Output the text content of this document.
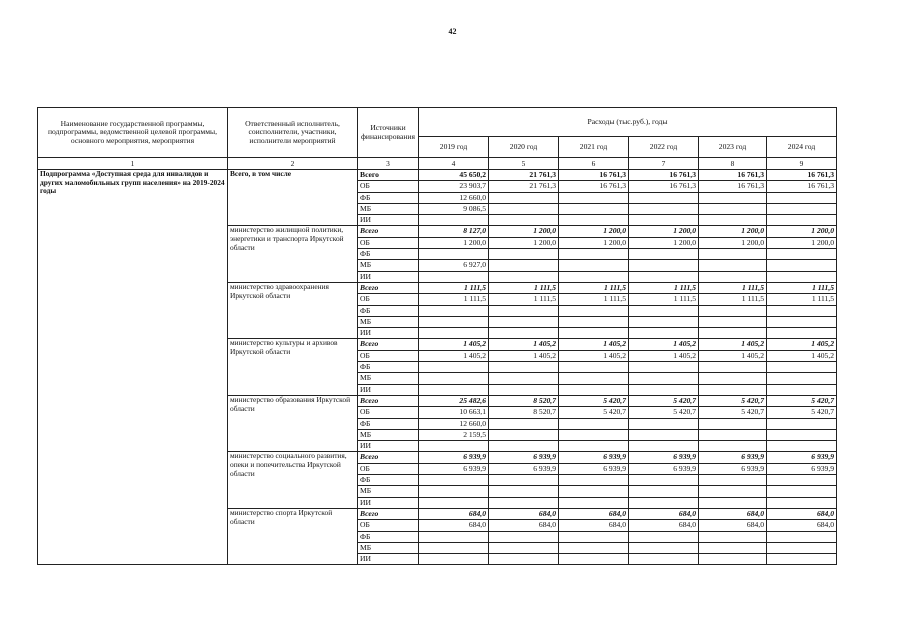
42
Наименование государственной программы, подпрограммы, ведомственной целевой программы, основного мероприятия, мероприятия	Ответственный исполнитель, соисполнители, участники, исполнители мероприятий	Источники финансирования	Расходы (тыс.руб.), годы					
			2019 год	2020 год	2021 год	2022 год	2023 год	2024 год
1	2	3	4	5	6	7	8	9
Подпрограмма «Доступная среда для инвалидов и других маломобильных групп населения» на 2019-2024 годы	Всего, в том числе	Всего	45 650,2	21 761,3	16 761,3	16 761,3	16 761,3	16 761,3
		ОБ	23 903,7	21 761,3	16 761,3	16 761,3	16 761,3	16 761,3
		ФБ	12 660,0					
		МБ	9 086,5					
		ИИ						
	министерство жилищной политики, энергетики и транспорта Иркутской области	Всего	8 127,0	1 200,0	1 200,0	1 200,0	1 200,0	1 200,0
		ОБ	1 200,0	1 200,0	1 200,0	1 200,0	1 200,0	1 200,0
		ФБ						
		МБ	6 927,0					
		ИИ						
	министерство здравоохранения Иркутской области	Всего	1 111,5	1 111,5	1 111,5	1 111,5	1 111,5	1 111,5
		ОБ	1 111,5	1 111,5	1 111,5	1 111,5	1 111,5	1 111,5
		ФБ						
		МБ						
		ИИ						
	министерство культуры и архивов Иркутской области	Всего	1 405,2	1 405,2	1 405,2	1 405,2	1 405,2	1 405,2
		ОБ	1 405,2	1 405,2	1 405,2	1 405,2	1 405,2	1 405,2
		ФБ						
		МБ						
		ИИ						
	министерство образования Иркутской области	Всего	25 482,6	8 520,7	5 420,7	5 420,7	5 420,7	5 420,7
		ОБ	10 663,1	8 520,7	5 420,7	5 420,7	5 420,7	5 420,7
		ФБ	12 660,0					
		МБ	2 159,5					
		ИИ						
	министерство социального развития, опеки и попечительства Иркутской области	Всего	6 939,9	6 939,9	6 939,9	6 939,9	6 939,9	6 939,9
		ОБ	6 939,9	6 939,9	6 939,9	6 939,9	6 939,9	6 939,9
		ФБ						
		МБ						
		ИИ						
	министерство спорта Иркутской области	Всего	684,0	684,0	684,0	684,0	684,0	684,0
		ОБ	684,0	684,0	684,0	684,0	684,0	684,0
		ФБ						
		МБ						
		ИИ						
